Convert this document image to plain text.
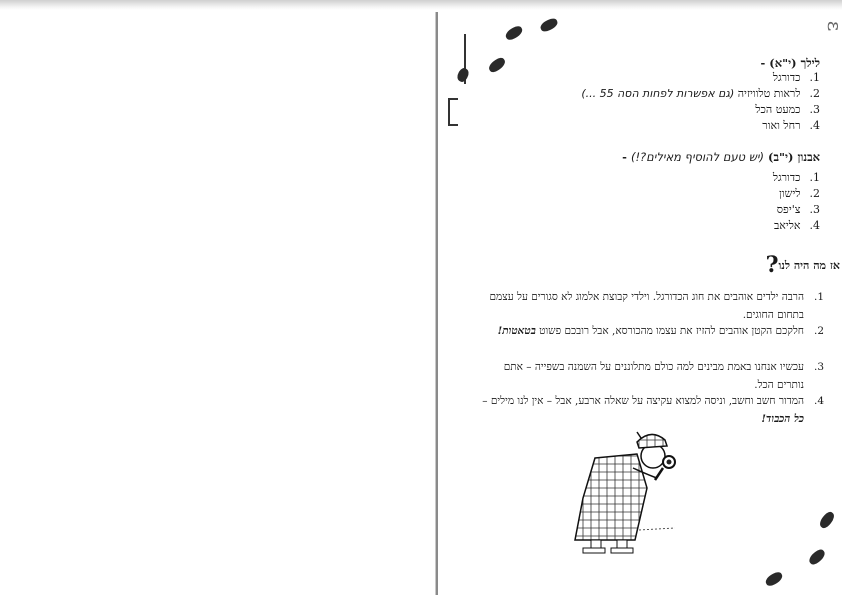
ɛ
לילך (י"א) -
1. כדורגל
2. לראות טלוויזיה (גם אפשרות לפחות הסה 55 ...)
3. כמעט הכל
4. רחל ואור
אבנון (י"ב) (יש טעם להוסיף מאילים?!) -
1. כדורגל
2. לישון
3. צ'יפס
4. אליאב
אז מה היה לנו?
1.
הרבה ילדים אוהבים את חוג הכדורגל. וילדי קבוצת אלמוג לא סגורים על עצמם בתחום החוגים.
2.
חלקכם הקטן אוהבים להזיז את עצמו מהכורסא, אבל רובכם פשוט בטאטות!
3.
עכשיו אנחנו באמת מבינים למה כולם מתלוננים על השמנה בשפייה – אתם נותרים הכל.
4.
המדור חשב וחשב, וניסה למצוא עקיצה על שאלה ארבע, אבל – אין לנו מילים – כל הכבוד!
